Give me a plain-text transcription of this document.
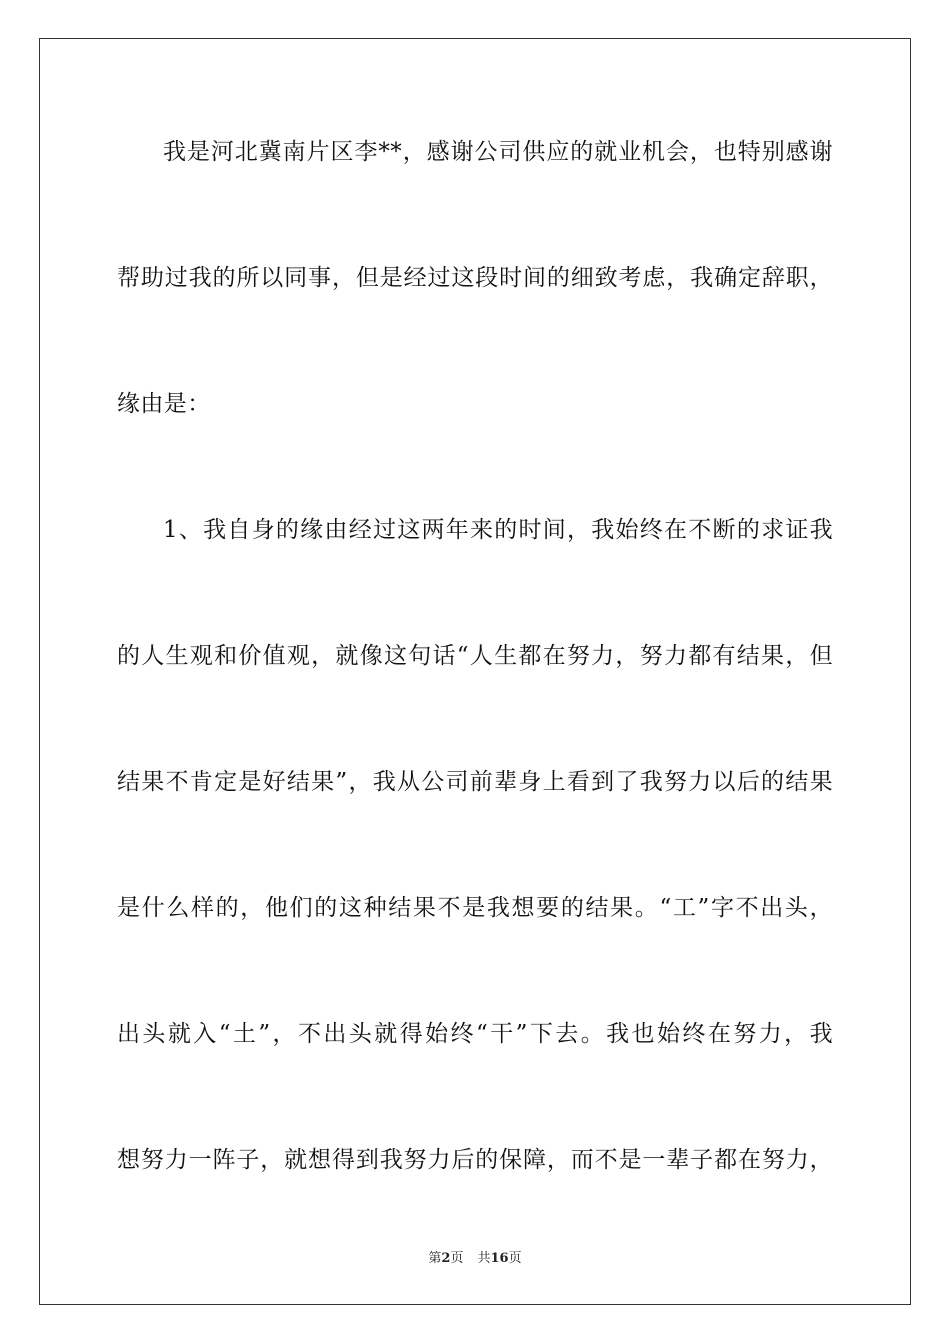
我是河北冀南片区李**，感谢公司供应的就业机会，也特别感谢
帮助过我的所以同事，但是经过这段时间的细致考虑，我确定辞职，
缘由是：
1、我自身的缘由经过这两年来的时间，我始终在不断的求证我
的人生观和价值观，就像这句话“人生都在努力，努力都有结果，但
结果不肯定是好结果”，我从公司前辈身上看到了我努力以后的结果
是什么样的，他们的这种结果不是我想要的结果。“工”字不出头，
出头就入“土”，不出头就得始终“干”下去。我也始终在努力，我
想努力一阵子，就想得到我努力后的保障，而不是一辈子都在努力，
第2页 共16页
